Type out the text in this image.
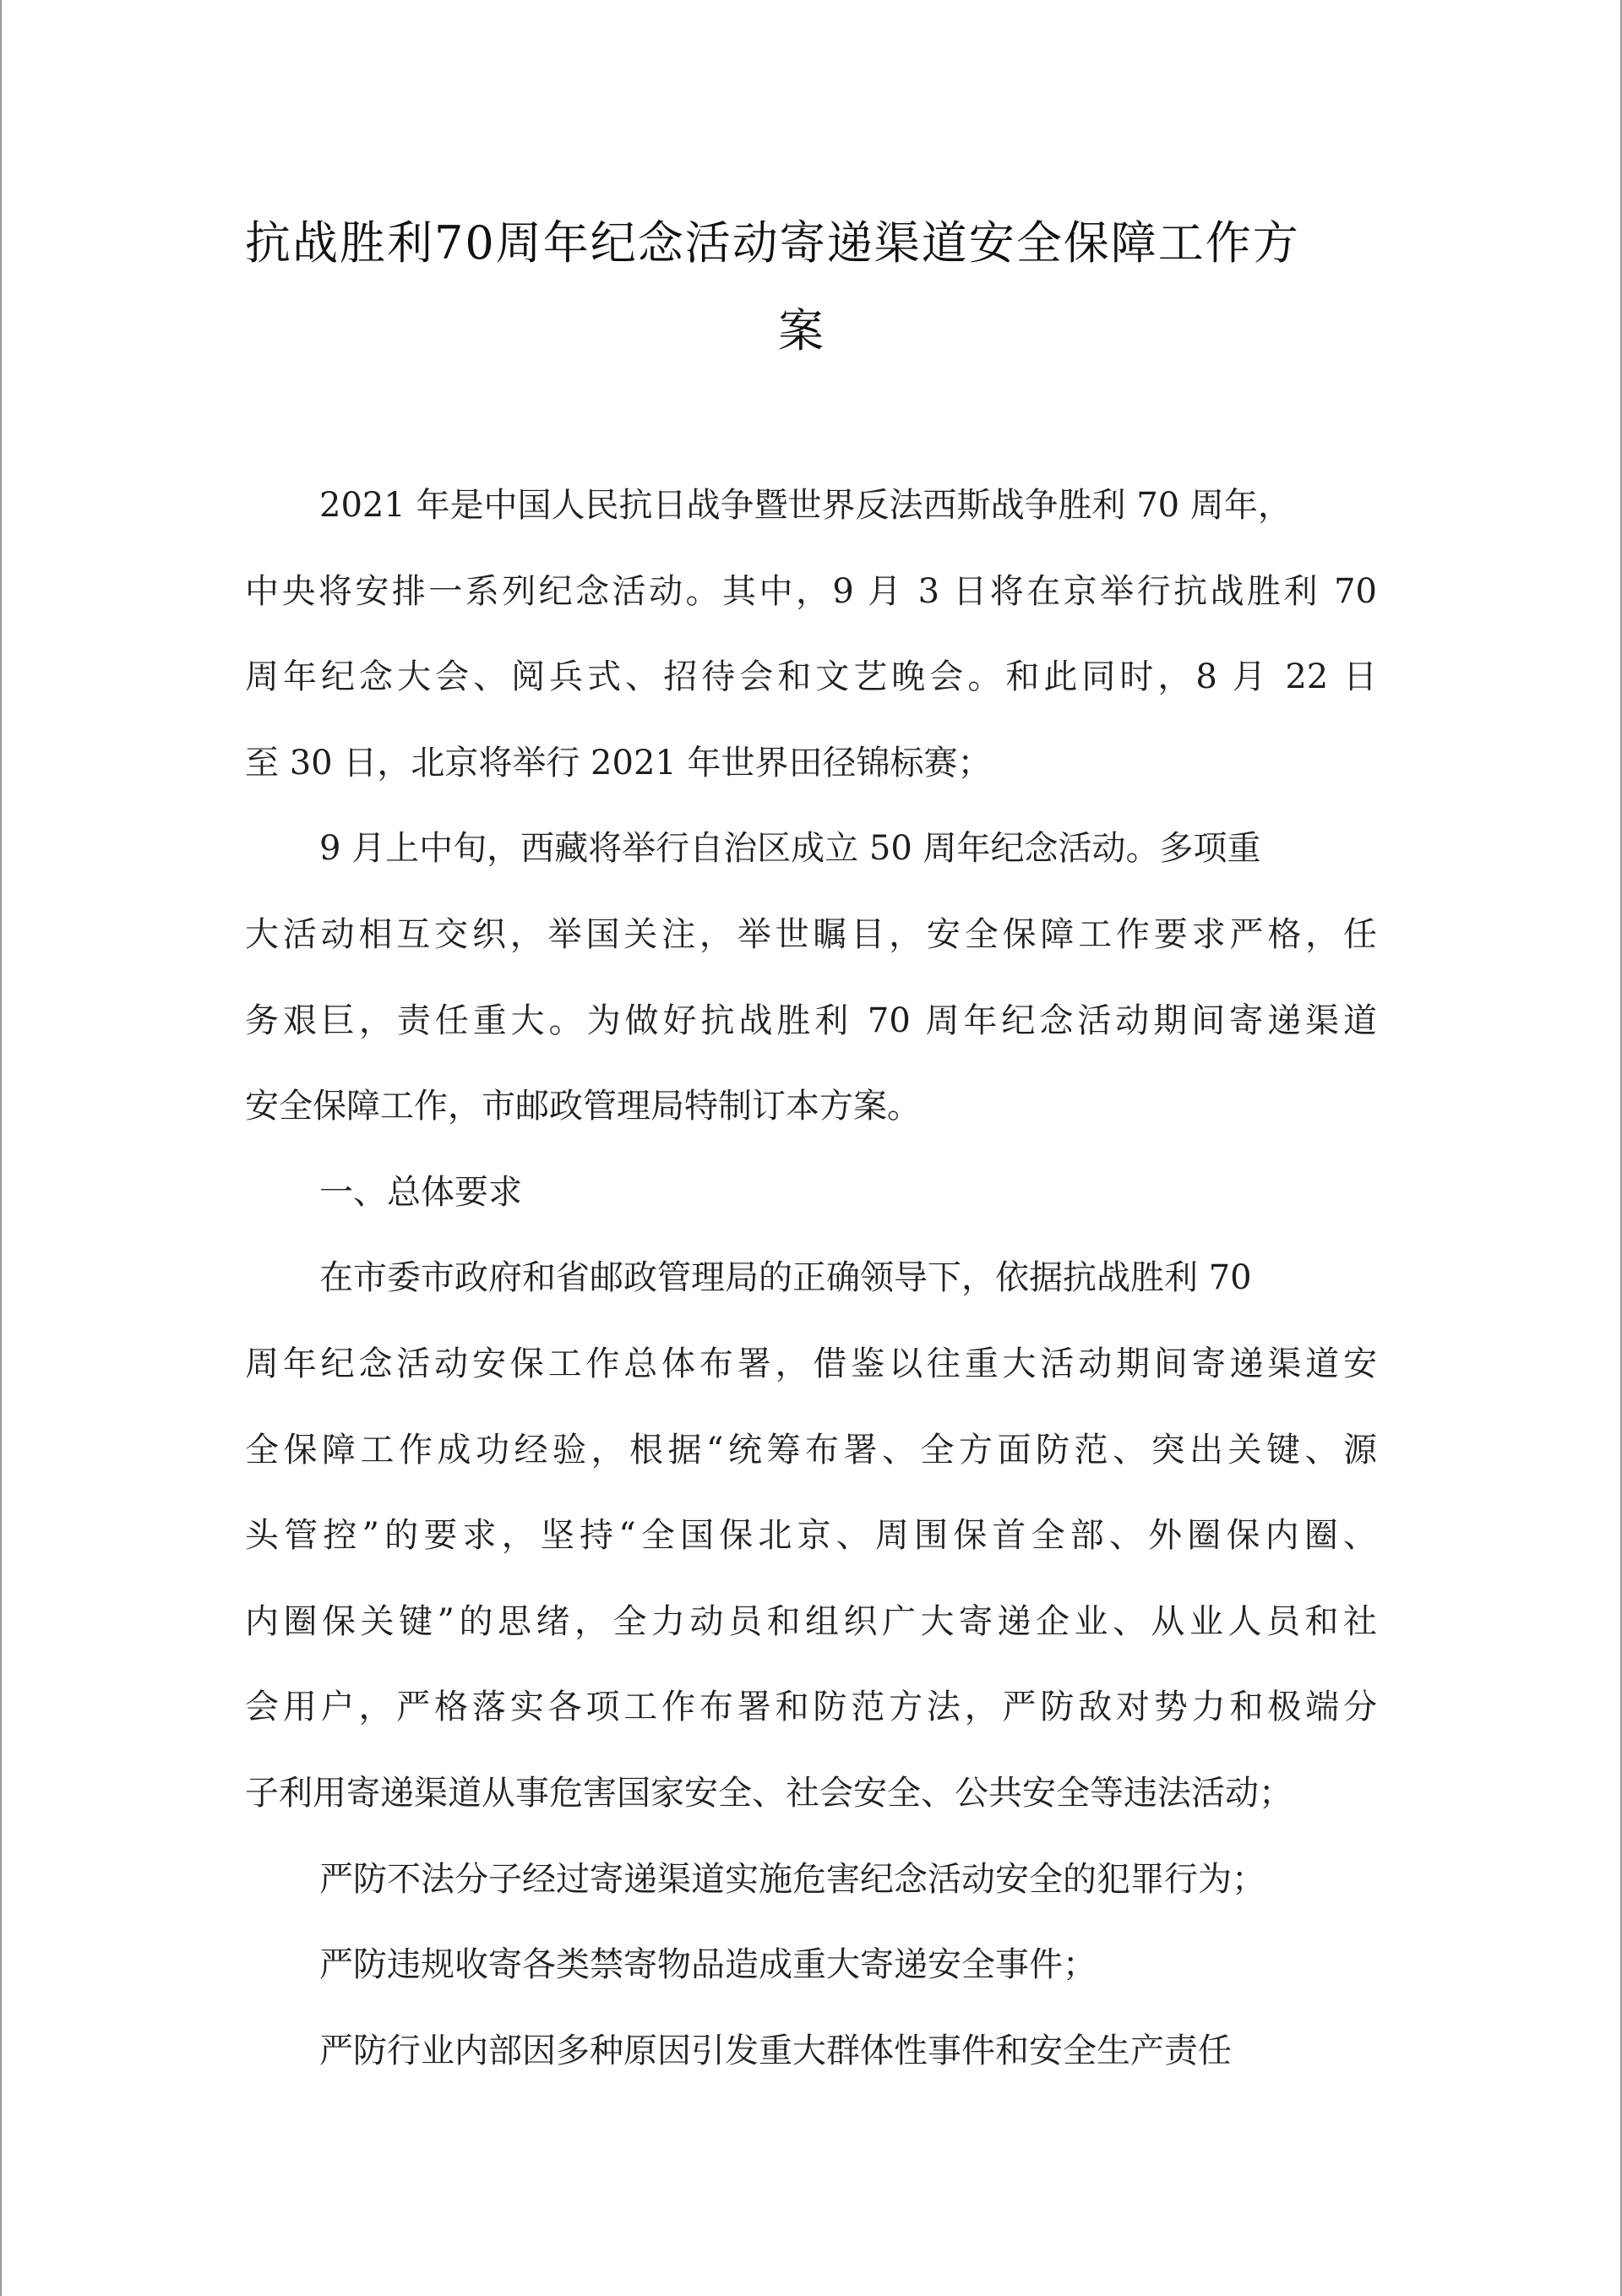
抗战胜利70周年纪念活动寄递渠道安全保障工作方
案
2021 年是中国人民抗日战争暨世界反法西斯战争胜利 70 周年，
中央将安排一系列纪念活动。其中，9 月 3 日将在京举行抗战胜利 70
周年纪念大会、阅兵式、招待会和文艺晚会。和此同时，8 月 22 日
至 30 日，北京将举行 2021 年世界田径锦标赛；
9 月上中旬，西藏将举行自治区成立 50 周年纪念活动。多项重
大活动相互交织，举国关注，举世瞩目，安全保障工作要求严格，任
务艰巨，责任重大。为做好抗战胜利 70 周年纪念活动期间寄递渠道
安全保障工作，市邮政管理局特制订本方案。
一、总体要求
在市委市政府和省邮政管理局的正确领导下，依据抗战胜利 70
周年纪念活动安保工作总体布署，借鉴以往重大活动期间寄递渠道安
全保障工作成功经验，根据“统筹布署、全方面防范、突出关键、源
头管控”的要求，坚持“全国保北京、周围保首全部、外圈保内圈、
内圈保关键”的思绪，全力动员和组织广大寄递企业、从业人员和社
会用户，严格落实各项工作布署和防范方法，严防敌对势力和极端分
子利用寄递渠道从事危害国家安全、社会安全、公共安全等违法活动；
严防不法分子经过寄递渠道实施危害纪念活动安全的犯罪行为；
严防违规收寄各类禁寄物品造成重大寄递安全事件；
严防行业内部因多种原因引发重大群体性事件和安全生产责任
